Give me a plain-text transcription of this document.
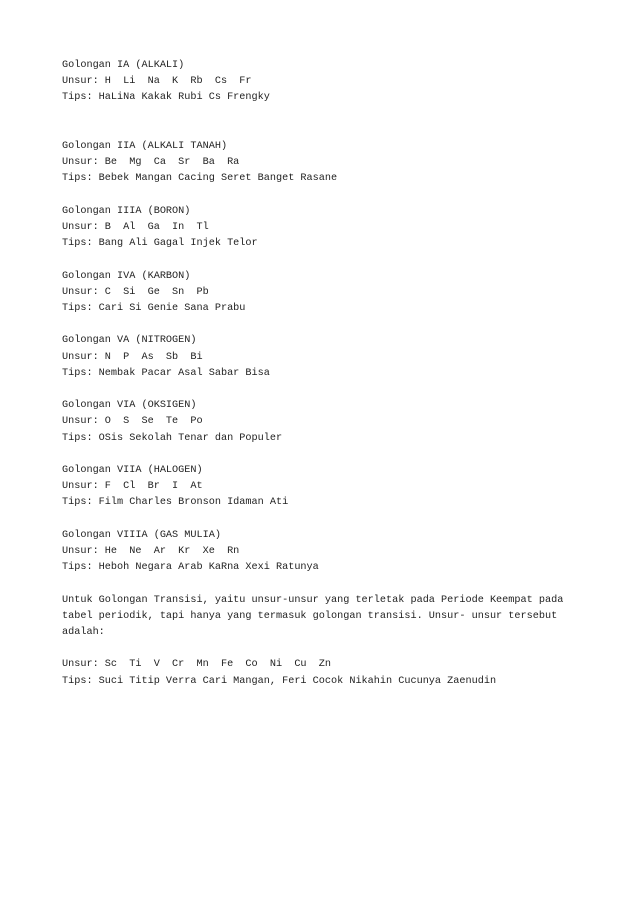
Golongan IA (ALKALI)
Unsur: H  Li  Na  K  Rb  Cs  Fr
Tips: HaLiNa Kakak Rubi Cs Frengky
Golongan IIA (ALKALI TANAH)
Unsur: Be  Mg  Ca  Sr  Ba  Ra
Tips: Bebek Mangan Cacing Seret Banget Rasane
Golongan IIIA (BORON)
Unsur: B  Al  Ga  In  Tl
Tips: Bang Ali Gagal Injek Telor
Golongan IVA (KARBON)
Unsur: C  Si  Ge  Sn  Pb
Tips: Cari Si Genie Sana Prabu
Golongan VA (NITROGEN)
Unsur: N  P  As  Sb  Bi
Tips: Nembak Pacar Asal Sabar Bisa
Golongan VIA (OKSIGEN)
Unsur: O  S  Se  Te  Po
Tips: OSis Sekolah Tenar dan Populer
Golongan VIIA (HALOGEN)
Unsur: F  Cl  Br  I  At
Tips: Film Charles Bronson Idaman Ati
Golongan VIIIA (GAS MULIA)
Unsur: He  Ne  Ar  Kr  Xe  Rn
Tips: Heboh Negara Arab KaRna Xexi Ratunya
Untuk Golongan Transisi, yaitu unsur-unsur yang terletak pada Periode Keempat pada tabel periodik, tapi hanya yang termasuk golongan transisi. Unsur- unsur tersebut adalah:
Unsur: Sc  Ti  V  Cr  Mn  Fe  Co  Ni  Cu  Zn
Tips: Suci Titip Verra Cari Mangan, Feri Cocok Nikahin Cucunya Zaenudin
